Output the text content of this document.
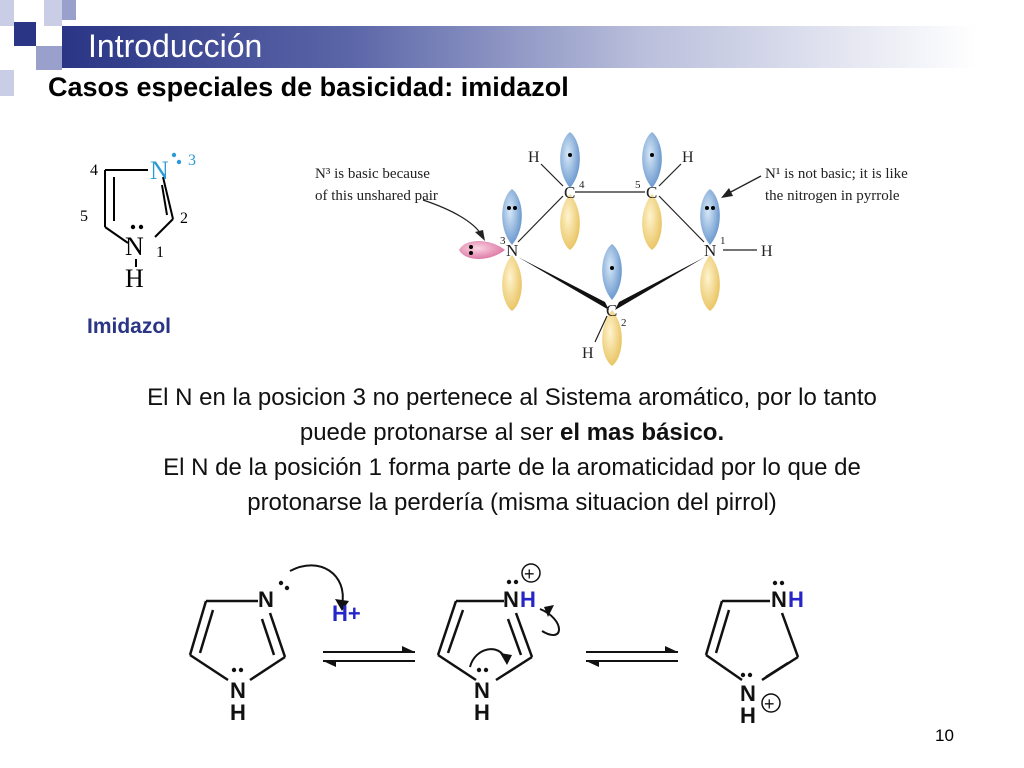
Introducción
Casos especiales de basicidad: imidazol
N 3
4
5	2
N 1
H
Imidazol
C 4	C
5
N
3	N 1
C
2
H	H
H
H
N³ is basic because
of this unshared pair
N¹ is not basic; it is like
the nitrogen in pyrrole
El N en la posicion 3 no pertenece al Sistema aromático, por lo tanto
puede protonarse al ser el mas básico.
El N de la posición 1 forma parte de la aromaticidad por lo que de
protonarse la perdería (misma situacion del pirrol)
N
N
H
H+
N H
+
N
H
N H
N +
H
10
